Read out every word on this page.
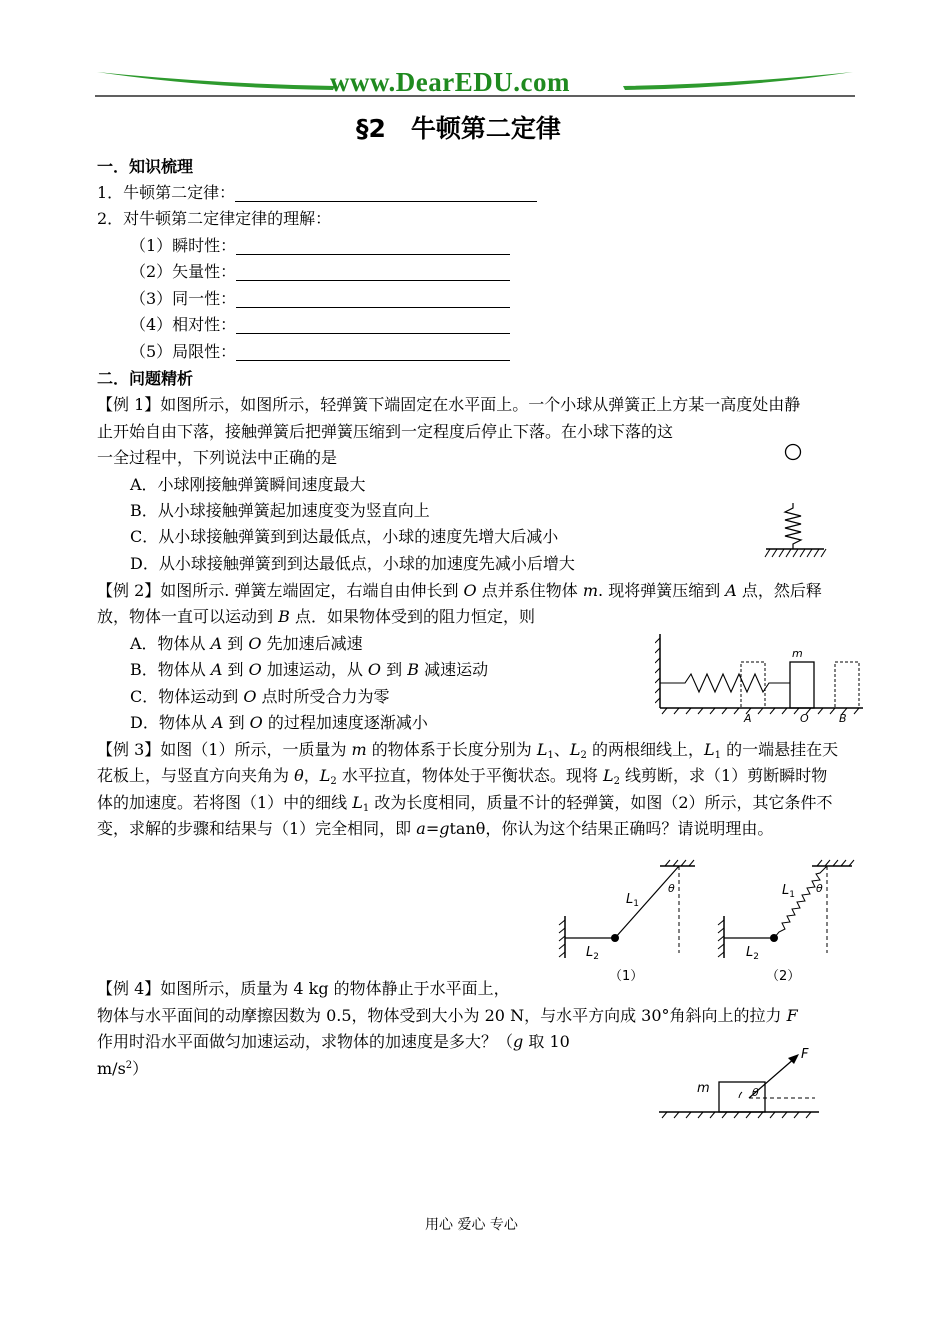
www.DearEDU.com
§2　牛顿第二定律
一．知识梳理
1．牛顿第二定律：
2．对牛顿第二定律定律的理解：
（1）瞬时性：
（2）矢量性：
（3）同一性：
（4）相对性：
（5）局限性：
二．问题精析
【例 1】如图所示，如图所示，轻弹簧下端固定在水平面上。一个小球从弹簧正上方某一高度处由静
止开始自由下落，接触弹簧后把弹簧压缩到一定程度后停止下落。在小球下落的这
一全过程中，下列说法中正确的是
A．小球刚接触弹簧瞬间速度最大
B．从小球接触弹簧起加速度变为竖直向上
C．从小球接触弹簧到到达最低点，小球的速度先增大后减小
D．从小球接触弹簧到到达最低点，小球的加速度先减小后增大
【例 2】如图所示. 弹簧左端固定，右端自由伸长到 O 点并系住物体 m. 现将弹簧压缩到 A 点，然后释
放，物体一直可以运动到 B 点．如果物体受到的阻力恒定，则
A．物体从 A 到 O 先加速后减速
B．物体从 A 到 O 加速运动，从 O 到 B 减速运动
C．物体运动到 O 点时所受合力为零
D．物体从 A 到 O 的过程加速度逐渐减小
m
A	O	B
【例 3】如图（1）所示，一质量为 m 的物体系于长度分别为 $L_1$、$L_2$ 的两根细线上，$L_1$ 的一端悬挂在天
花板上，与竖直方向夹角为 θ，$L_2$ 水平拉直，物体处于平衡状态。现将 $L_2$ 线剪断，求（1）剪断瞬时物
体的加速度。若将图（1）中的细线 $L_1$ 改为长度相同，质量不计的轻弹簧，如图（2）所示，其它条件不
变，求解的步骤和结果与（1）完全相同，即 a=gtanθ，你认为这个结果正确吗？请说明理由。
$L_1$
$L_2$
θ
（1）
$L_1$
$L_2$
θ
（2）
【例 4】如图所示，质量为 4 kg 的物体静止于水平面上，
物体与水平面间的动摩擦因数为 0.5，物体受到大小为 20 N，与水平方向成 30°角斜向上的拉力 F
作用时沿水平面做匀加速运动，求物体的加速度是多大？（g 取 10
$m/s^2$）
m
F
θ
用心 爱心 专心
